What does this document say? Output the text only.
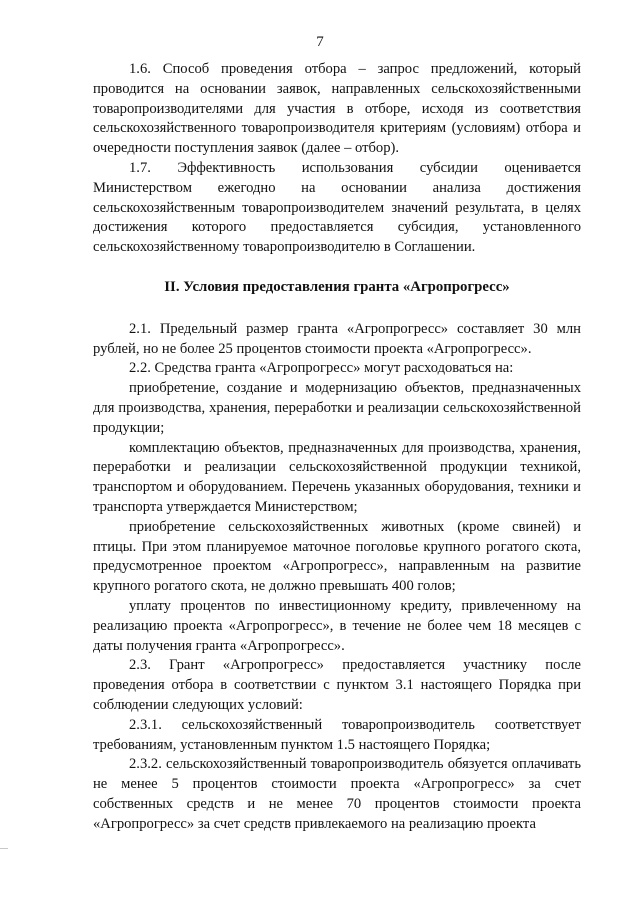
7

1.6. Способ проведения отбора – запрос предложений, который проводится на основании заявок, направленных сельскохозяйственными товаропроизводителями для участия в отборе, исходя из соответствия сельскохозяйственного товаропроизводителя критериям (условиям) отбора и очередности поступления заявок (далее – отбор).

1.7. Эффективность использования субсидии оценивается Министерством ежегодно на основании анализа достижения сельскохозяйственным товаропроизводителем значений результата, в целях достижения которого предоставляется субсидия, установленного сельскохозяйственному товаропроизводителю в Соглашении.

II. Условия предоставления гранта «Агропрогресс»

2.1. Предельный размер гранта «Агропрогресс» составляет 30 млн рублей, но не более 25 процентов стоимости проекта «Агропрогресс».

2.2. Средства гранта «Агропрогресс» могут расходоваться на:

приобретение, создание и модернизацию объектов, предназначенных для производства, хранения, переработки и реализации сельскохозяйственной продукции;

комплектацию объектов, предназначенных для производства, хранения, переработки и реализации сельскохозяйственной продукции техникой, транспортом и оборудованием. Перечень указанных оборудования, техники и транспорта утверждается Министерством;

приобретение сельскохозяйственных животных (кроме свиней) и птицы. При этом планируемое маточное поголовье крупного рогатого скота, предусмотренное проектом «Агропрогресс», направленным на развитие крупного рогатого скота, не должно превышать 400 голов;

уплату процентов по инвестиционному кредиту, привлеченному на реализацию проекта «Агропрогресс», в течение не более чем 18 месяцев с даты получения гранта «Агропрогресс».

2.3. Грант «Агропрогресс» предоставляется участнику после проведения отбора в соответствии с пунктом 3.1 настоящего Порядка при соблюдении следующих условий:

2.3.1. сельскохозяйственный товаропроизводитель соответствует требованиям, установленным пунктом 1.5 настоящего Порядка;

2.3.2. сельскохозяйственный товаропроизводитель обязуется оплачивать не менее 5 процентов стоимости проекта «Агропрогресс» за счет собственных средств и не менее 70 процентов стоимости проекта «Агропрогресс» за счет средств привлекаемого на реализацию проекта
